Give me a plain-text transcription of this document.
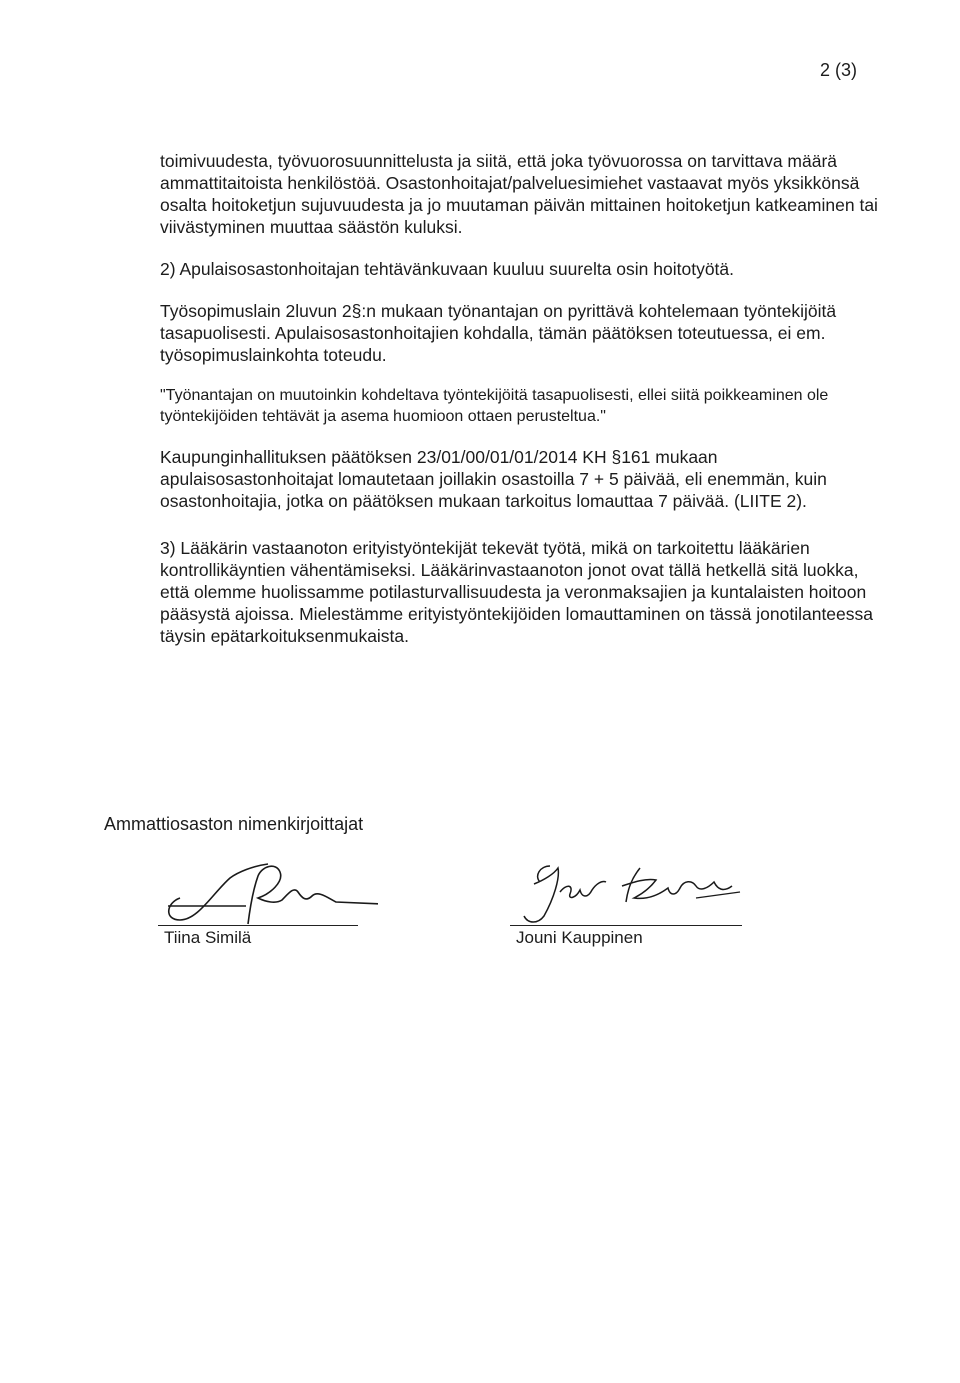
2 (3)

toimivuudesta, työvuorosuunnittelusta ja siitä, että joka työvuorossa on tarvittava määrä ammattitaitoista henkilöstöä. Osastonhoitajat/palveluesimiehet vastaavat myös yksikkönsä osalta hoitoketjun sujuvuudesta ja jo muutaman päivän mittainen hoitoketjun katkeaminen tai viivästyminen muuttaa säästön kuluksi.

2) Apulaisosastonhoitajan tehtävänkuvaan kuuluu suurelta osin hoitotyötä.

Työsopimuslain 2luvun 2§:n mukaan työnantajan on pyrittävä kohtelemaan työntekijöitä tasapuolisesti. Apulaisosastonhoitajien kohdalla, tämän päätöksen toteutuessa, ei em. työsopimuslainkohta toteudu.

"Työnantajan on muutoinkin kohdeltava työntekijöitä tasapuolisesti, ellei siitä poikkeaminen ole työntekijöiden tehtävät ja asema huomioon ottaen perusteltua."

Kaupunginhallituksen päätöksen 23/01/00/01/01/2014 KH §161 mukaan apulaisosastonhoitajat lomautetaan joillakin osastoilla 7 + 5 päivää, eli enemmän, kuin osastonhoitajia, jotka on päätöksen mukaan tarkoitus lomauttaa 7 päivää. (LIITE 2).

3) Lääkärin vastaanoton erityistyöntekijät tekevät työtä, mikä on tarkoitettu lääkärien kontrollikäyntien vähentämiseksi. Lääkärinvastaanoton jonot ovat tällä hetkellä sitä luokka, että olemme huolissamme potilasturvallisuudesta ja veronmaksajien ja kuntalaisten hoitoon pääsystä ajoissa. Mielestämme erityistyöntekijöiden lomauttaminen on tässä jonotilanteessa täysin epätarkoituksenmukaista.

Ammattiosaston nimenkirjoittajat
Tiina Similä	Jouni Kauppinen
